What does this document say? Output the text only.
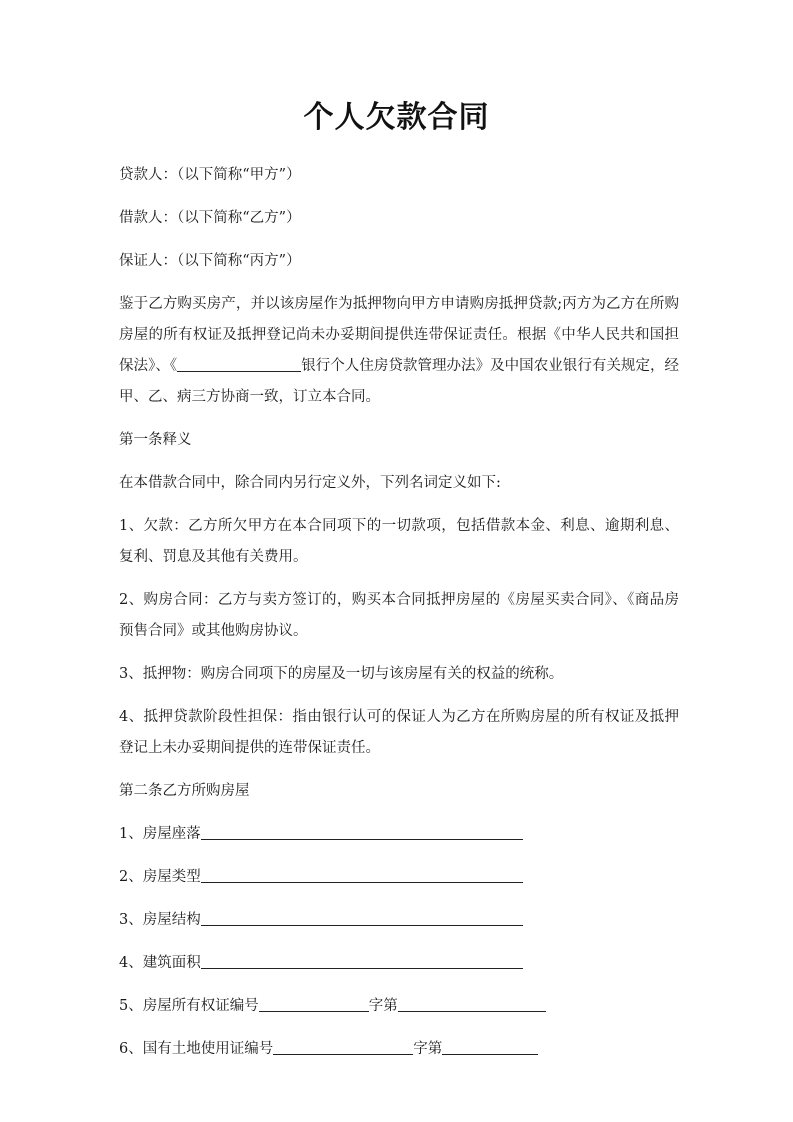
个人欠款合同

贷款人：（以下简称“甲方”）

借款人：（以下简称“乙方”）

保证人：（以下简称“丙方”）

鉴于乙方购买房产，并以该房屋作为抵押物向甲方申请购房抵押贷款;丙方为乙方在所购房屋的所有权证及抵押登记尚未办妥期间提供连带保证责任。根据《中华人民共和国担保法》、《	银行个人住房贷款管理办法》及中国农业银行有关规定，经甲、乙、病三方协商一致，订立本合同。

第一条释义

在本借款合同中，除合同内另行定义外，下列名词定义如下:

1、欠款：乙方所欠甲方在本合同项下的一切款项，包括借款本金、利息、逾期利息、复利、罚息及其他有关费用。

2、购房合同：乙方与卖方签订的，购买本合同抵押房屋的《房屋买卖合同》、《商品房预售合同》或其他购房协议。

3、抵押物：购房合同项下的房屋及一切与该房屋有关的权益的统称。

4、抵押贷款阶段性担保：指由银行认可的保证人为乙方在所购房屋的所有权证及抵押登记上未办妥期间提供的连带保证责任。

第二条乙方所购房屋

1、房屋座落

2、房屋类型

3、房屋结构

4、建筑面积

5、房屋所有权证编号	字第

6、国有土地使用证编号	字第
